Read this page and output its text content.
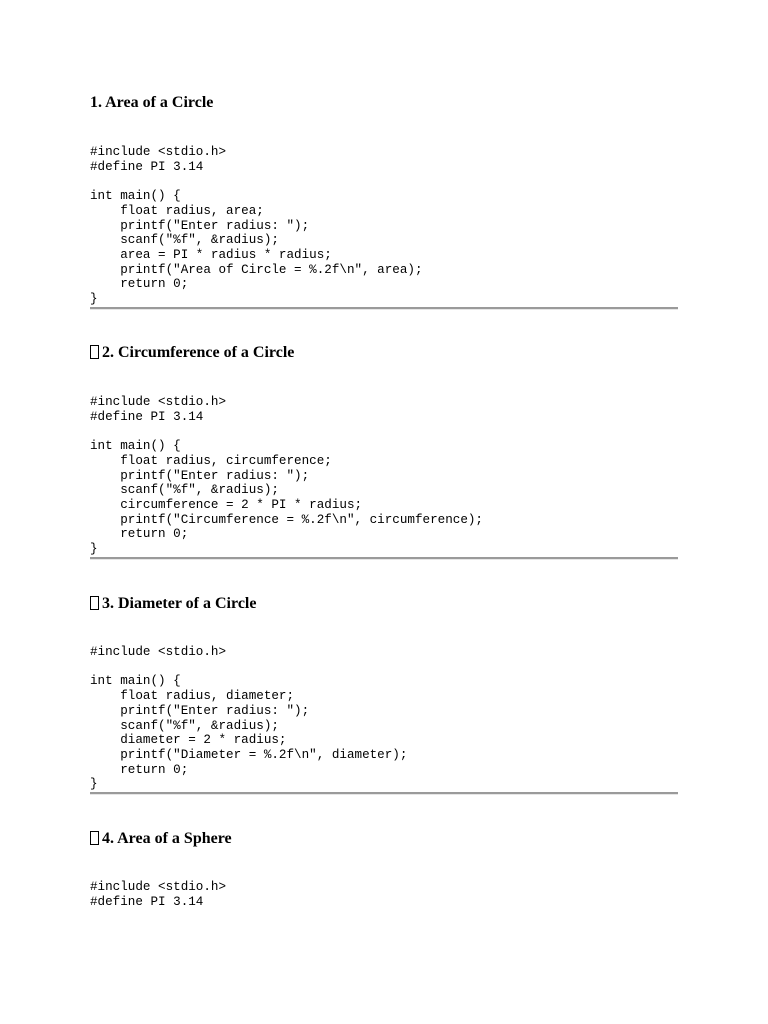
1. Area of a Circle
#include <stdio.h>
#define PI 3.14

int main() {
float radius, area;
printf("Enter radius: ");
scanf("%f", &radius);
area = PI * radius * radius;
printf("Area of Circle = %.2f\n", area);
return 0;
}
2. Circumference of a Circle
#include <stdio.h>
#define PI 3.14

int main() {
float radius, circumference;
printf("Enter radius: ");
scanf("%f", &radius);
circumference = 2 * PI * radius;
printf("Circumference = %.2f\n", circumference);
return 0;
}
3. Diameter of a Circle
#include <stdio.h>

int main() {
float radius, diameter;
printf("Enter radius: ");
scanf("%f", &radius);
diameter = 2 * radius;
printf("Diameter = %.2f\n", diameter);
return 0;
}
4. Area of a Sphere
#include <stdio.h>
#define PI 3.14
